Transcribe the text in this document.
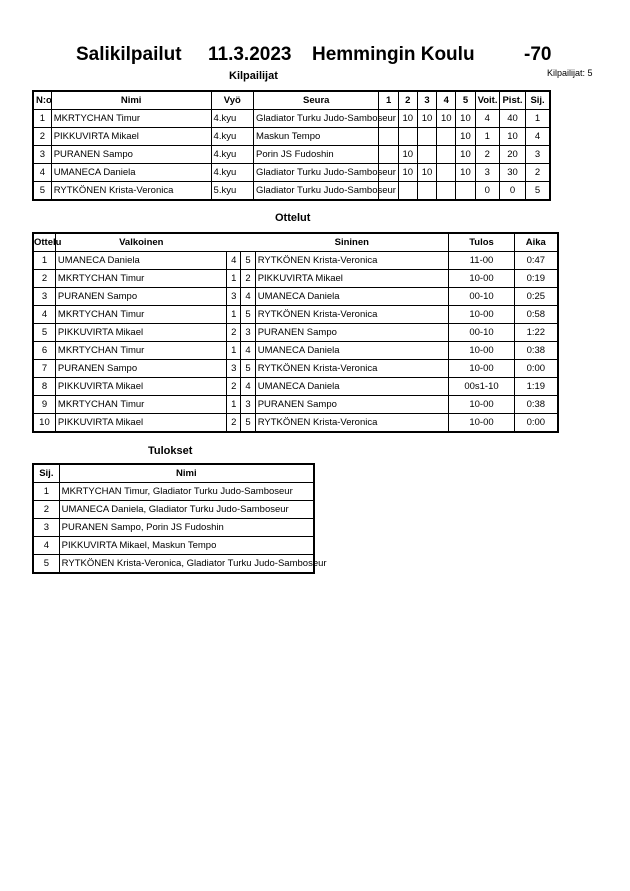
Salikilpailut 11.3.2023 Hemmingin Koulu	-70
Kilpailijat	Kilpailijat: 5
N:o	Nimi	Vyö	Seura	1	2	3	4	5	Voit.	Pist.	Sij.
1	MKRTYCHAN Timur	4.kyu	Gladiator Turku Judo-Samboseur		10	10	10	10	4	40	1
2	PIKKUVIRTA Mikael	4.kyu	Maskun Tempo					10	1	10	4
3	PURANEN Sampo	4.kyu	Porin JS Fudoshin		10			10	2	20	3
4	UMANECA Daniela	4.kyu	Gladiator Turku Judo-Samboseur		10	10		10	3	30	2
5	RYTKÖNEN Krista-Veronica	5.kyu	Gladiator Turku Judo-Samboseur						0	0	5
Ottelut
Ottelu	Valkoinen			Sininen	Tulos	Aika
1	UMANECA Daniela	4	5	RYTKÖNEN Krista-Veronica	11-00	0:47
2	MKRTYCHAN Timur	1	2	PIKKUVIRTA Mikael	10-00	0:19
3	PURANEN Sampo	3	4	UMANECA Daniela	00-10	0:25
4	MKRTYCHAN Timur	1	5	RYTKÖNEN Krista-Veronica	10-00	0:58
5	PIKKUVIRTA Mikael	2	3	PURANEN Sampo	00-10	1:22
6	MKRTYCHAN Timur	1	4	UMANECA Daniela	10-00	0:38
7	PURANEN Sampo	3	5	RYTKÖNEN Krista-Veronica	10-00	0:00
8	PIKKUVIRTA Mikael	2	4	UMANECA Daniela	00s1-10	1:19
9	MKRTYCHAN Timur	1	3	PURANEN Sampo	10-00	0:38
10	PIKKUVIRTA Mikael	2	5	RYTKÖNEN Krista-Veronica	10-00	0:00
Tulokset
Sij.	Nimi
1	MKRTYCHAN Timur, Gladiator Turku Judo-Samboseur
2	UMANECA Daniela, Gladiator Turku Judo-Samboseur
3	PURANEN Sampo, Porin JS Fudoshin
4	PIKKUVIRTA Mikael, Maskun Tempo
5	RYTKÖNEN Krista-Veronica, Gladiator Turku Judo-Samboseur
